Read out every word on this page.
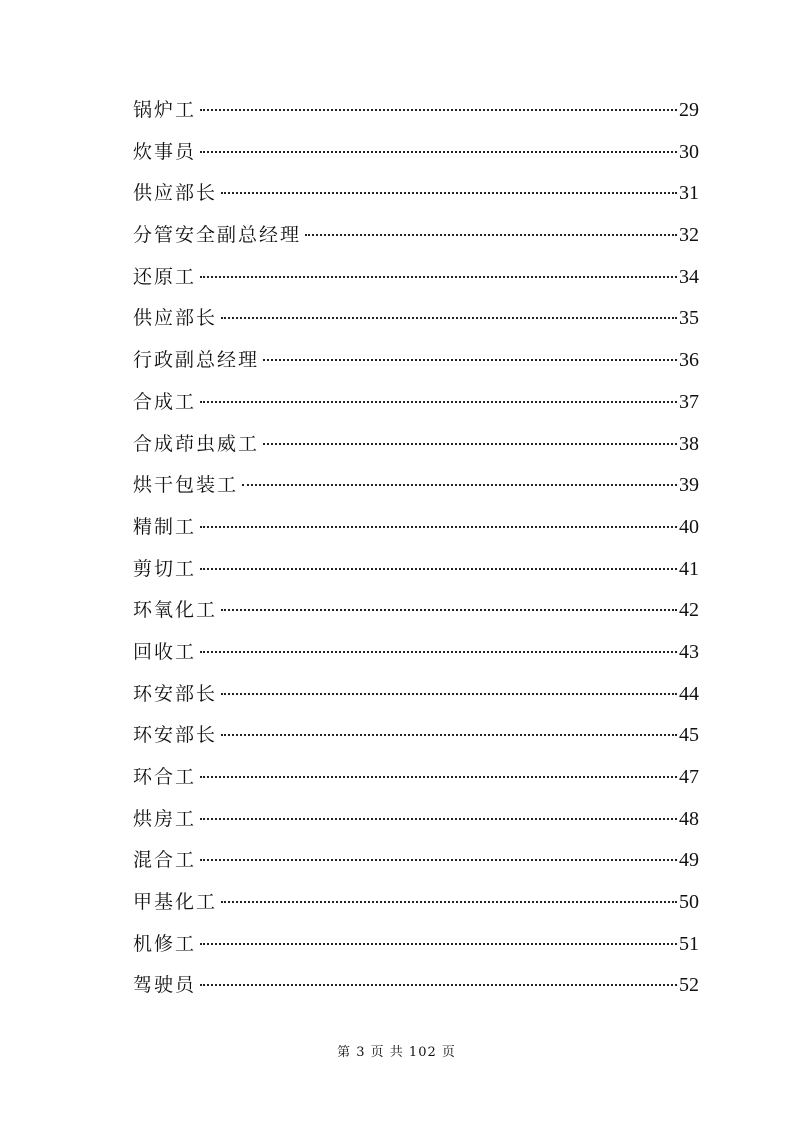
锅炉工	29
炊事员	30
供应部长	31
分管安全副总经理	32
还原工	34
供应部长	35
行政副总经理	36
合成工	37
合成茚虫威工	38
烘干包装工	39
精制工	40
剪切工	41
环氧化工	42
回收工	43
环安部长	44
环安部长	45
环合工	47
烘房工	48
混合工	49
甲基化工	50
机修工	51
驾驶员	52
第 3 页 共 102 页
